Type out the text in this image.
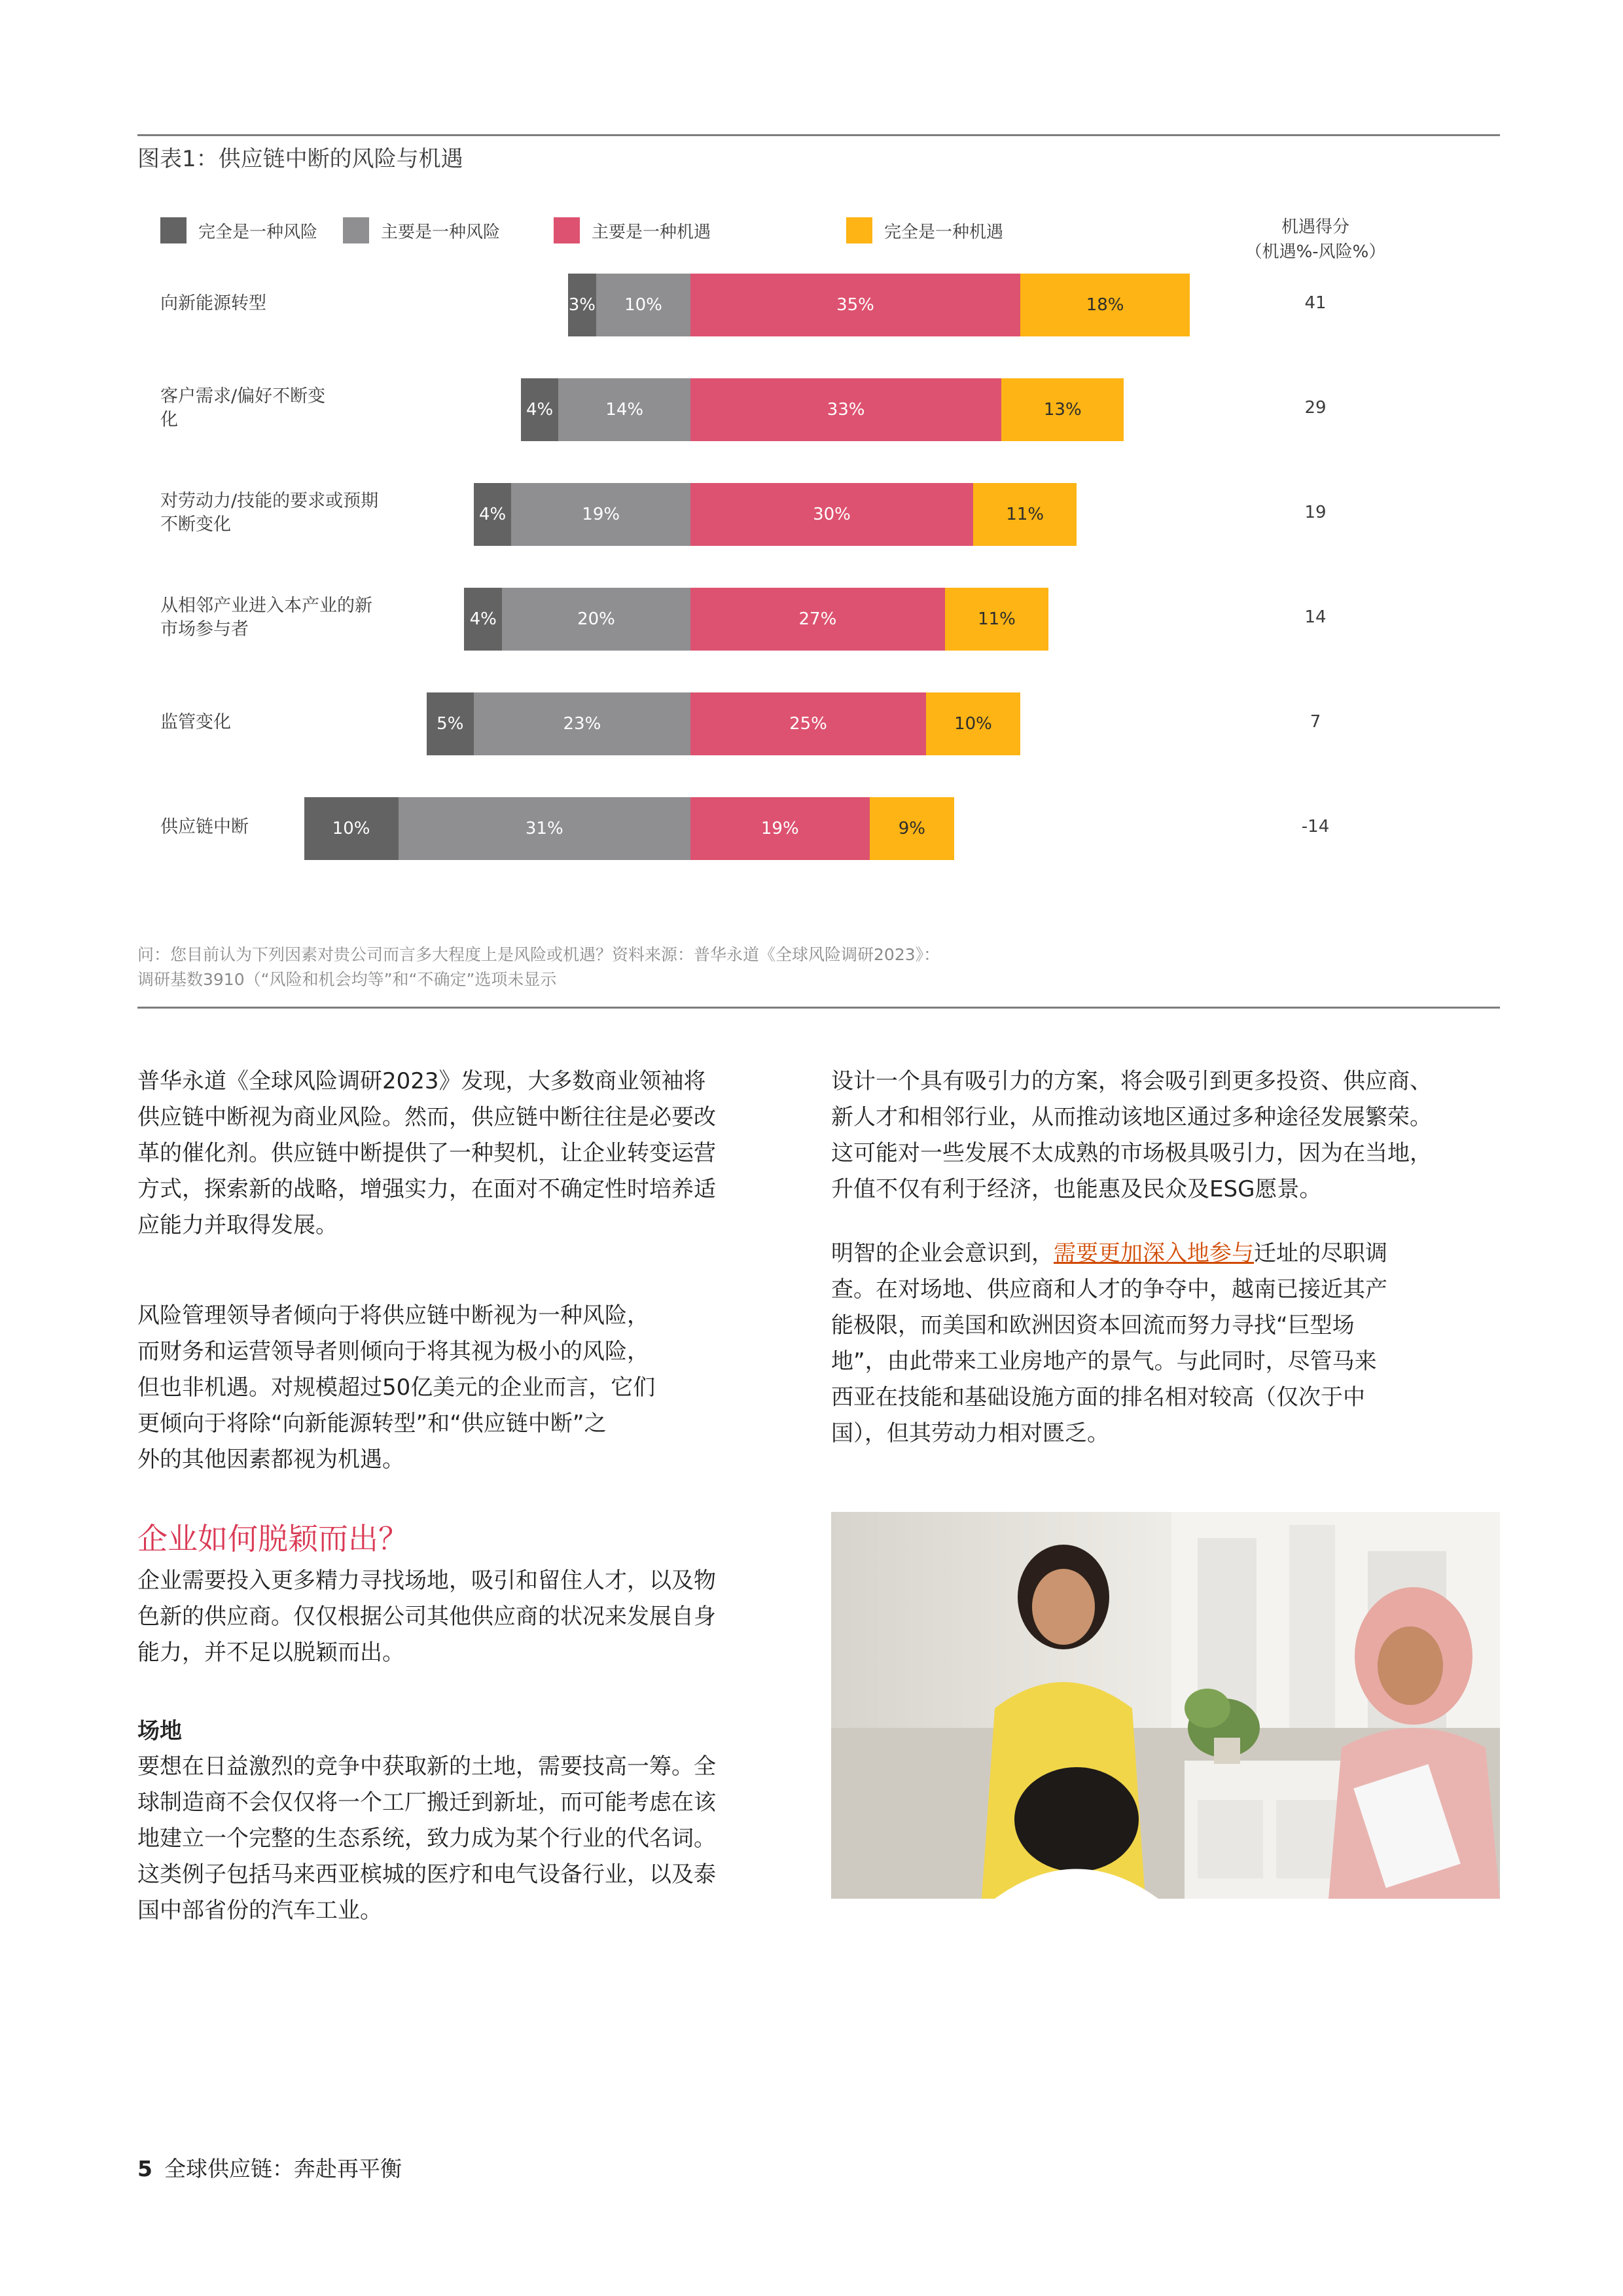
图表1：供应链中断的风险与机遇
完全是一种风险	主要是一种风险	主要是一种机遇	完全是一种机遇	机遇得分
（机遇%-风险%）
向新能源转型	3% 10%	35%	18%	41
客户需求/偏好不断变
化	4%	14%	33%	13%	29
对劳动力/技能的要求或预期
不断变化	4%	19%	30%	11%	19
从相邻产业进入本产业的新
市场参与者	4%	20%	27%	11%	14
监管变化	5%	23%	25%	10%	7
供应链中断	10%	31%	19%	9%	-14
问：您目前认为下列因素对贵公司而言多大程度上是风险或机遇？资料来源：普华永道《全球风险调研2023》：
调研基数3910（“风险和机会均等”和“不确定”选项未显示
普华永道《全球风险调研2023》发现，大多数商业领袖将
供应链中断视为商业风险。然而，供应链中断往往是必要改
革的催化剂。供应链中断提供了一种契机，让企业转变运营
方式，探索新的战略，增强实力，在面对不确定性时培养适
应能力并取得发展。
风险管理领导者倾向于将供应链中断视为一种风险，
而财务和运营领导者则倾向于将其视为极小的风险，
但也非机遇。对规模超过50亿美元的企业而言，它们
更倾向于将除“向新能源转型”和“供应链中断”之
外的其他因素都视为机遇。
企业如何脱颖而出？
企业需要投入更多精力寻找场地，吸引和留住人才，以及物
色新的供应商。仅仅根据公司其他供应商的状况来发展自身
能力，并不足以脱颖而出。
场地
要想在日益激烈的竞争中获取新的土地，需要技高一筹。全
球制造商不会仅仅将一个工厂搬迁到新址，而可能考虑在该
地建立一个完整的生态系统，致力成为某个行业的代名词。
这类例子包括马来西亚槟城的医疗和电气设备行业，以及泰
国中部省份的汽车工业。
设计一个具有吸引力的方案，将会吸引到更多投资、供应商、
新人才和相邻行业，从而推动该地区通过多种途径发展繁荣。
这可能对一些发展不太成熟的市场极具吸引力，因为在当地，
升值不仅有利于经济，也能惠及民众及ESG愿景。
明智的企业会意识到，需要更加深入地参与迁址的尽职调
查。在对场地、供应商和人才的争夺中，越南已接近其产
能极限，而美国和欧洲因资本回流而努力寻找“巨型场
地”，由此带来工业房地产的景气。与此同时，尽管马来
西亚在技能和基础设施方面的排名相对较高（仅次于中
国），但其劳动力相对匮乏。
5 全球供应链：奔赴再平衡
